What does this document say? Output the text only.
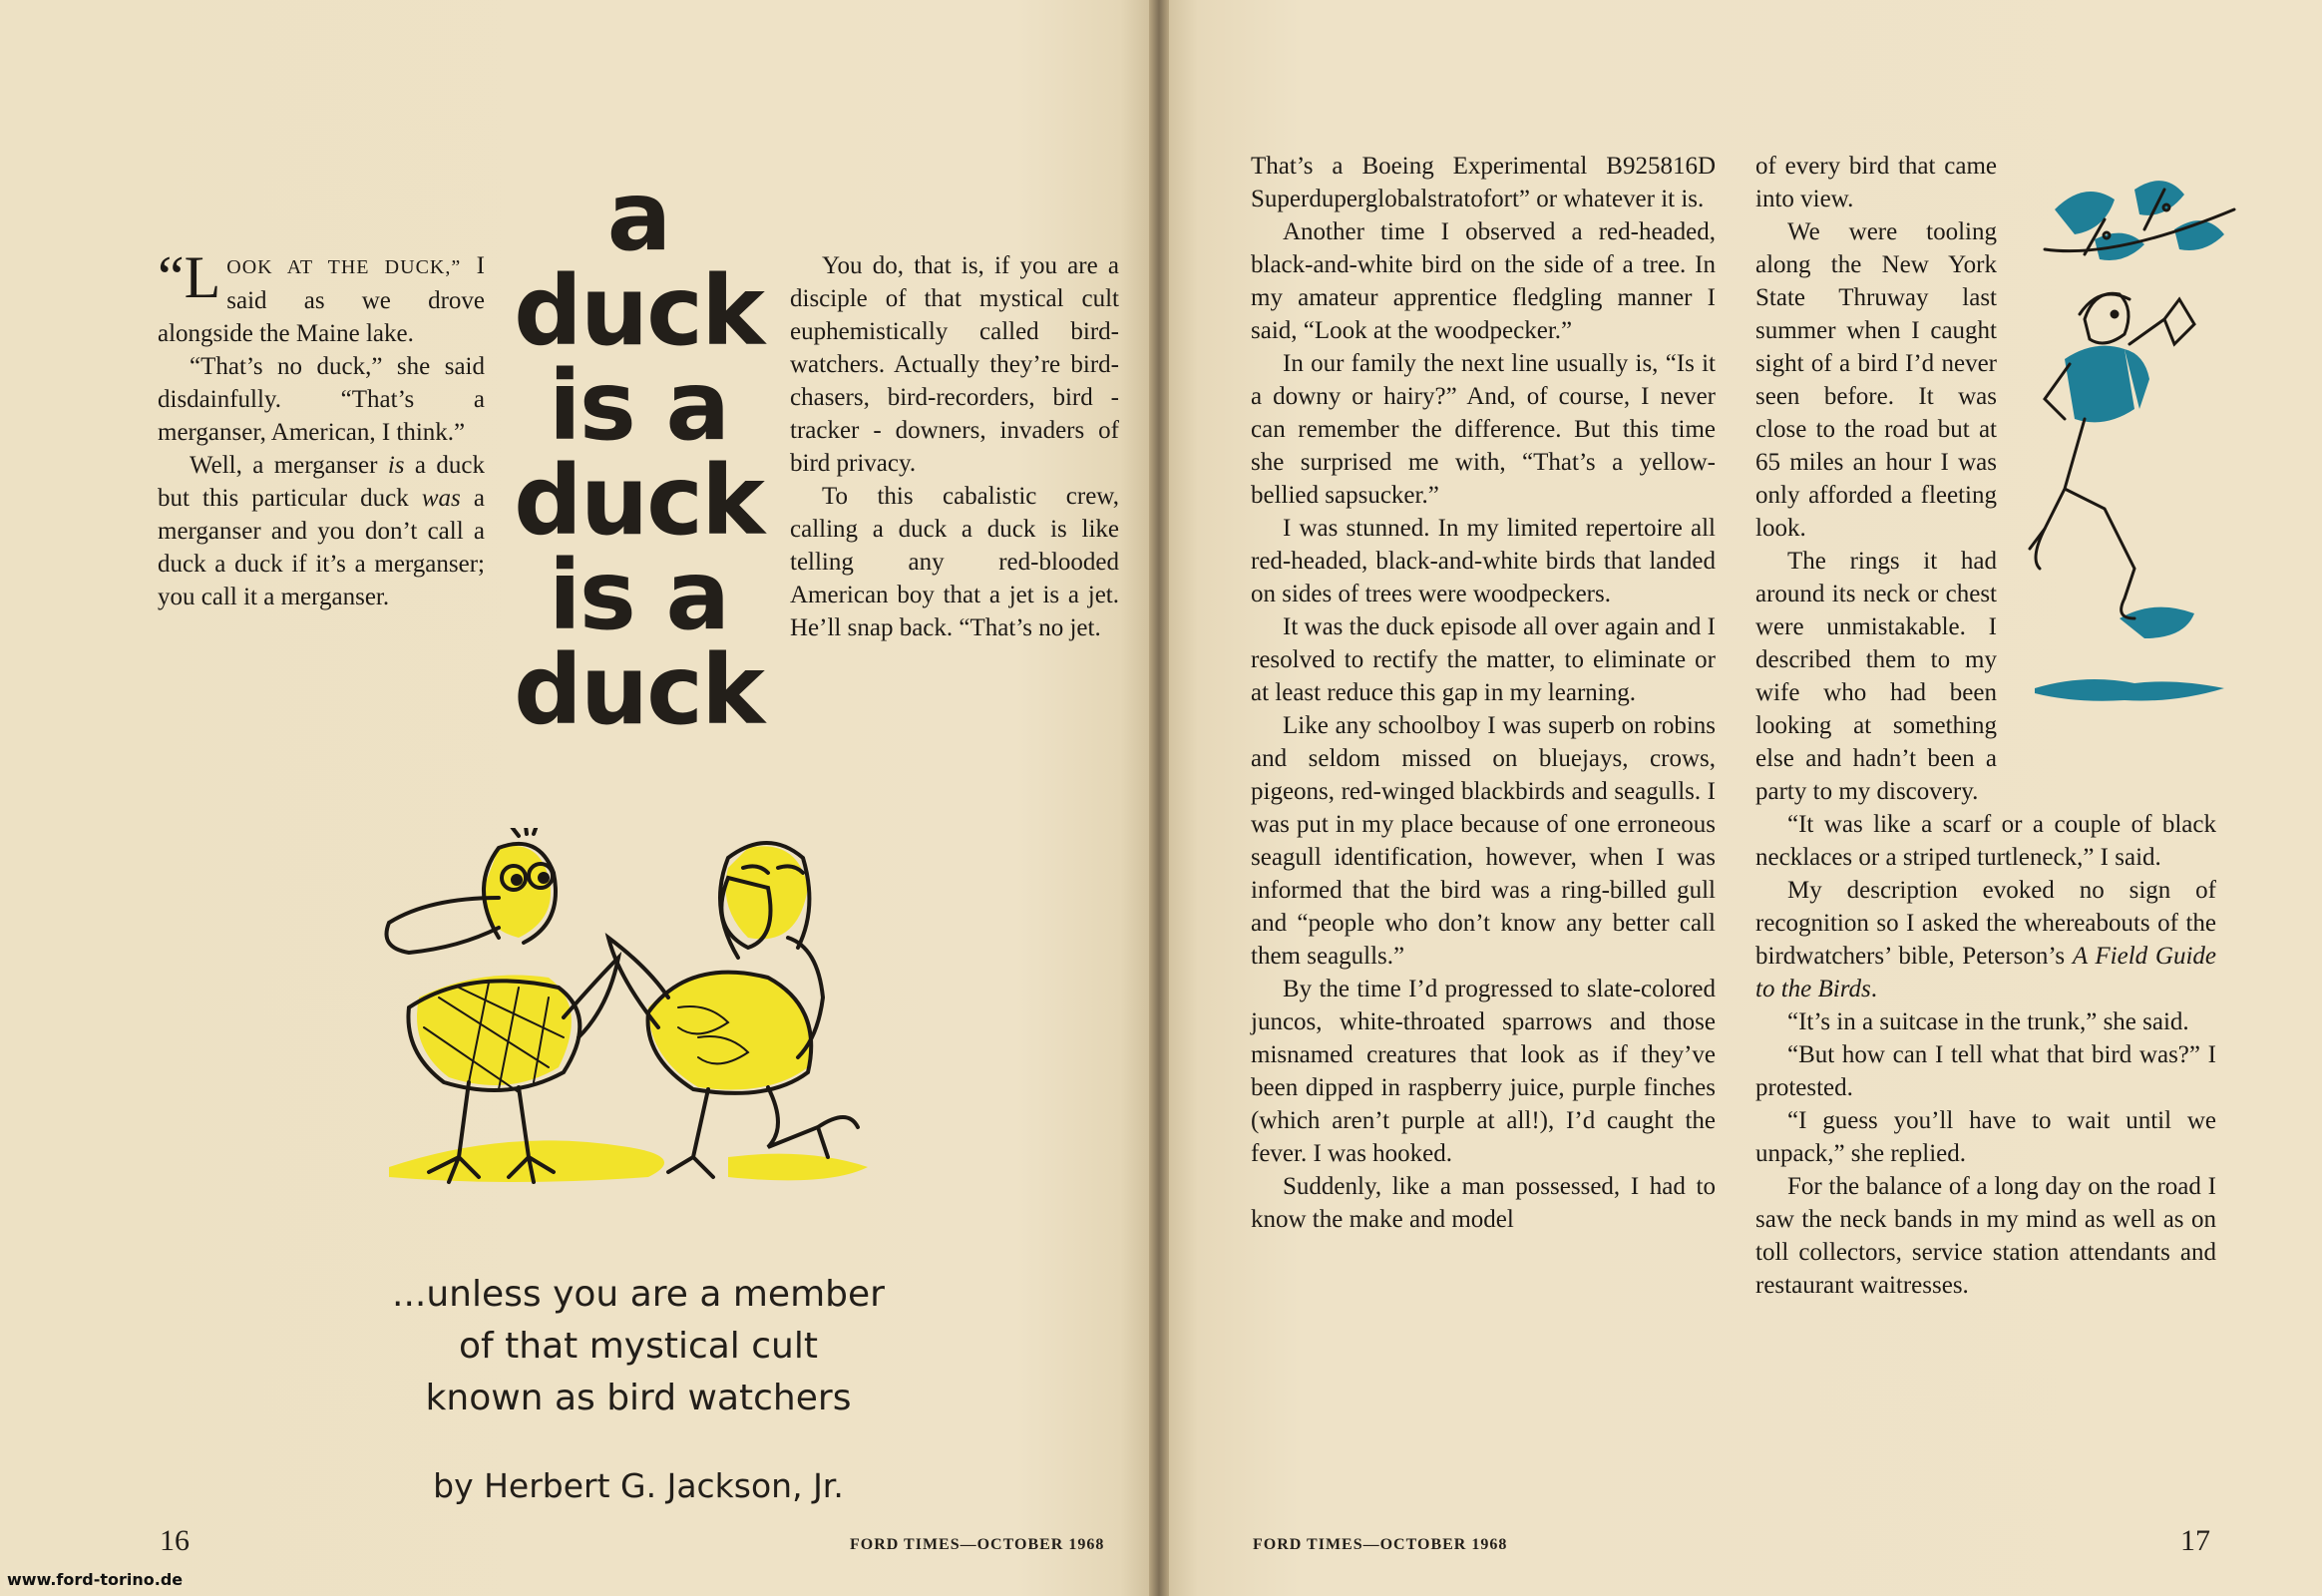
“LOOK AT THE DUCK,” I said as we drove alongside the Maine lake.

“That’s no duck,” she said disdainfully. “That’s a merganser, American, I think.”

Well, a merganser is a duck but this particular duck was a merganser and you don’t call a duck a duck if it’s a merganser; you call it a merganser.

a
duck
is a
duck
is a
duck

You do, that is, if you are a disciple of that mystical cult euphemistically called bird-watchers. Actually they’re bird-chasers, bird-recorders, bird - tracker - downers, invaders of bird privacy.

To this cabalistic crew, calling a duck a duck is like telling any red-blooded American boy that a jet is a jet. He’ll snap back. “That’s no jet.

...unless you are a member
of that mystical cult
known as bird watchers
by Herbert G. Jackson, Jr.
16	FORD TIMES—OCTOBER 1968
www.ford-torino.de

That’s a Boeing Experimental B925816D Superduperglobalstratofort” or whatever it is.

Another time I observed a red-headed, black-and-white bird on the side of a tree. In my amateur apprentice fledgling manner I said, “Look at the woodpecker.”

In our family the next line usually is, “Is it a downy or hairy?” And, of course, I never can remember the difference. But this time she surprised me with, “That’s a yellow-bellied sapsucker.”

I was stunned. In my limited repertoire all red-headed, black-and-white birds that landed on sides of trees were woodpeckers.

It was the duck episode all over again and I resolved to rectify the matter, to eliminate or at least reduce this gap in my learning.

Like any schoolboy I was superb on robins and seldom missed on bluejays, crows, pigeons, red-winged blackbirds and seagulls. I was put in my place because of one erroneous seagull identification, however, when I was informed that the bird was a ring-billed gull and “people who don’t know any better call them seagulls.”

By the time I’d progressed to slate-colored juncos, white-throated sparrows and those misnamed creatures that look as if they’ve been dipped in raspberry juice, purple finches (which aren’t purple at all!), I’d caught the fever. I was hooked.

Suddenly, like a man possessed, I had to know the make and model

of every bird that came into view.

We were tooling along the New York State Thruway last summer when I caught sight of a bird I’d never seen before. It was close to the road but at 65 miles an hour I was only afforded a fleeting look.

The rings it had around its neck or chest were unmistakable. I described them to my wife who had been looking at something else and hadn’t been a party to my discovery.

“It was like a scarf or a couple of black necklaces or a striped turtleneck,” I said.

My description evoked no sign of recognition so I asked the whereabouts of the birdwatchers’ bible, Peterson’s A Field Guide to the Birds.

“It’s in a suitcase in the trunk,” she said.

“But how can I tell what that bird was?” I protested.

“I guess you’ll have to wait until we unpack,” she replied.

For the balance of a long day on the road I saw the neck bands in my mind as well as on toll collectors, service station attendants and restaurant waitresses.

FORD TIMES—OCTOBER 1968	17
